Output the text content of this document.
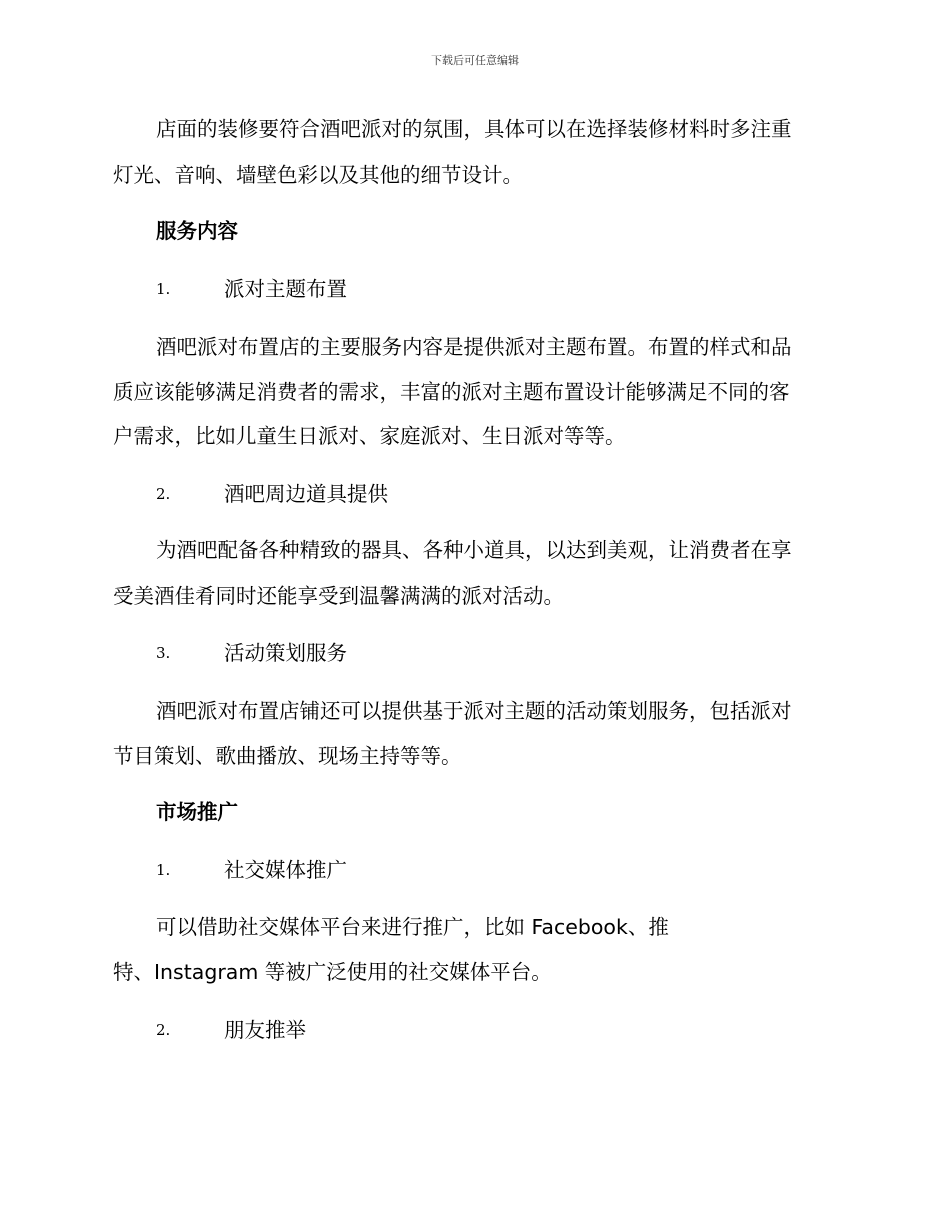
下载后可任意编辑
店面的装修要符合酒吧派对的氛围，具体可以在选择装修材料时多注重
灯光、音响、墙壁色彩以及其他的细节设计。
服务内容
1.	派对主题布置
酒吧派对布置店的主要服务内容是提供派对主题布置。布置的样式和品
质应该能够满足消费者的需求，丰富的派对主题布置设计能够满足不同的客
户需求，比如儿童生日派对、家庭派对、生日派对等等。
2.	酒吧周边道具提供
为酒吧配备各种精致的器具、各种小道具，以达到美观，让消费者在享
受美酒佳肴同时还能享受到温馨满满的派对活动。
3.	活动策划服务
酒吧派对布置店铺还可以提供基于派对主题的活动策划服务，包括派对
节目策划、歌曲播放、现场主持等等。
市场推广
1.	社交媒体推广
可以借助社交媒体平台来进行推广，比如 Facebook、推
特、Instagram 等被广泛使用的社交媒体平台。
2.	朋友推举
